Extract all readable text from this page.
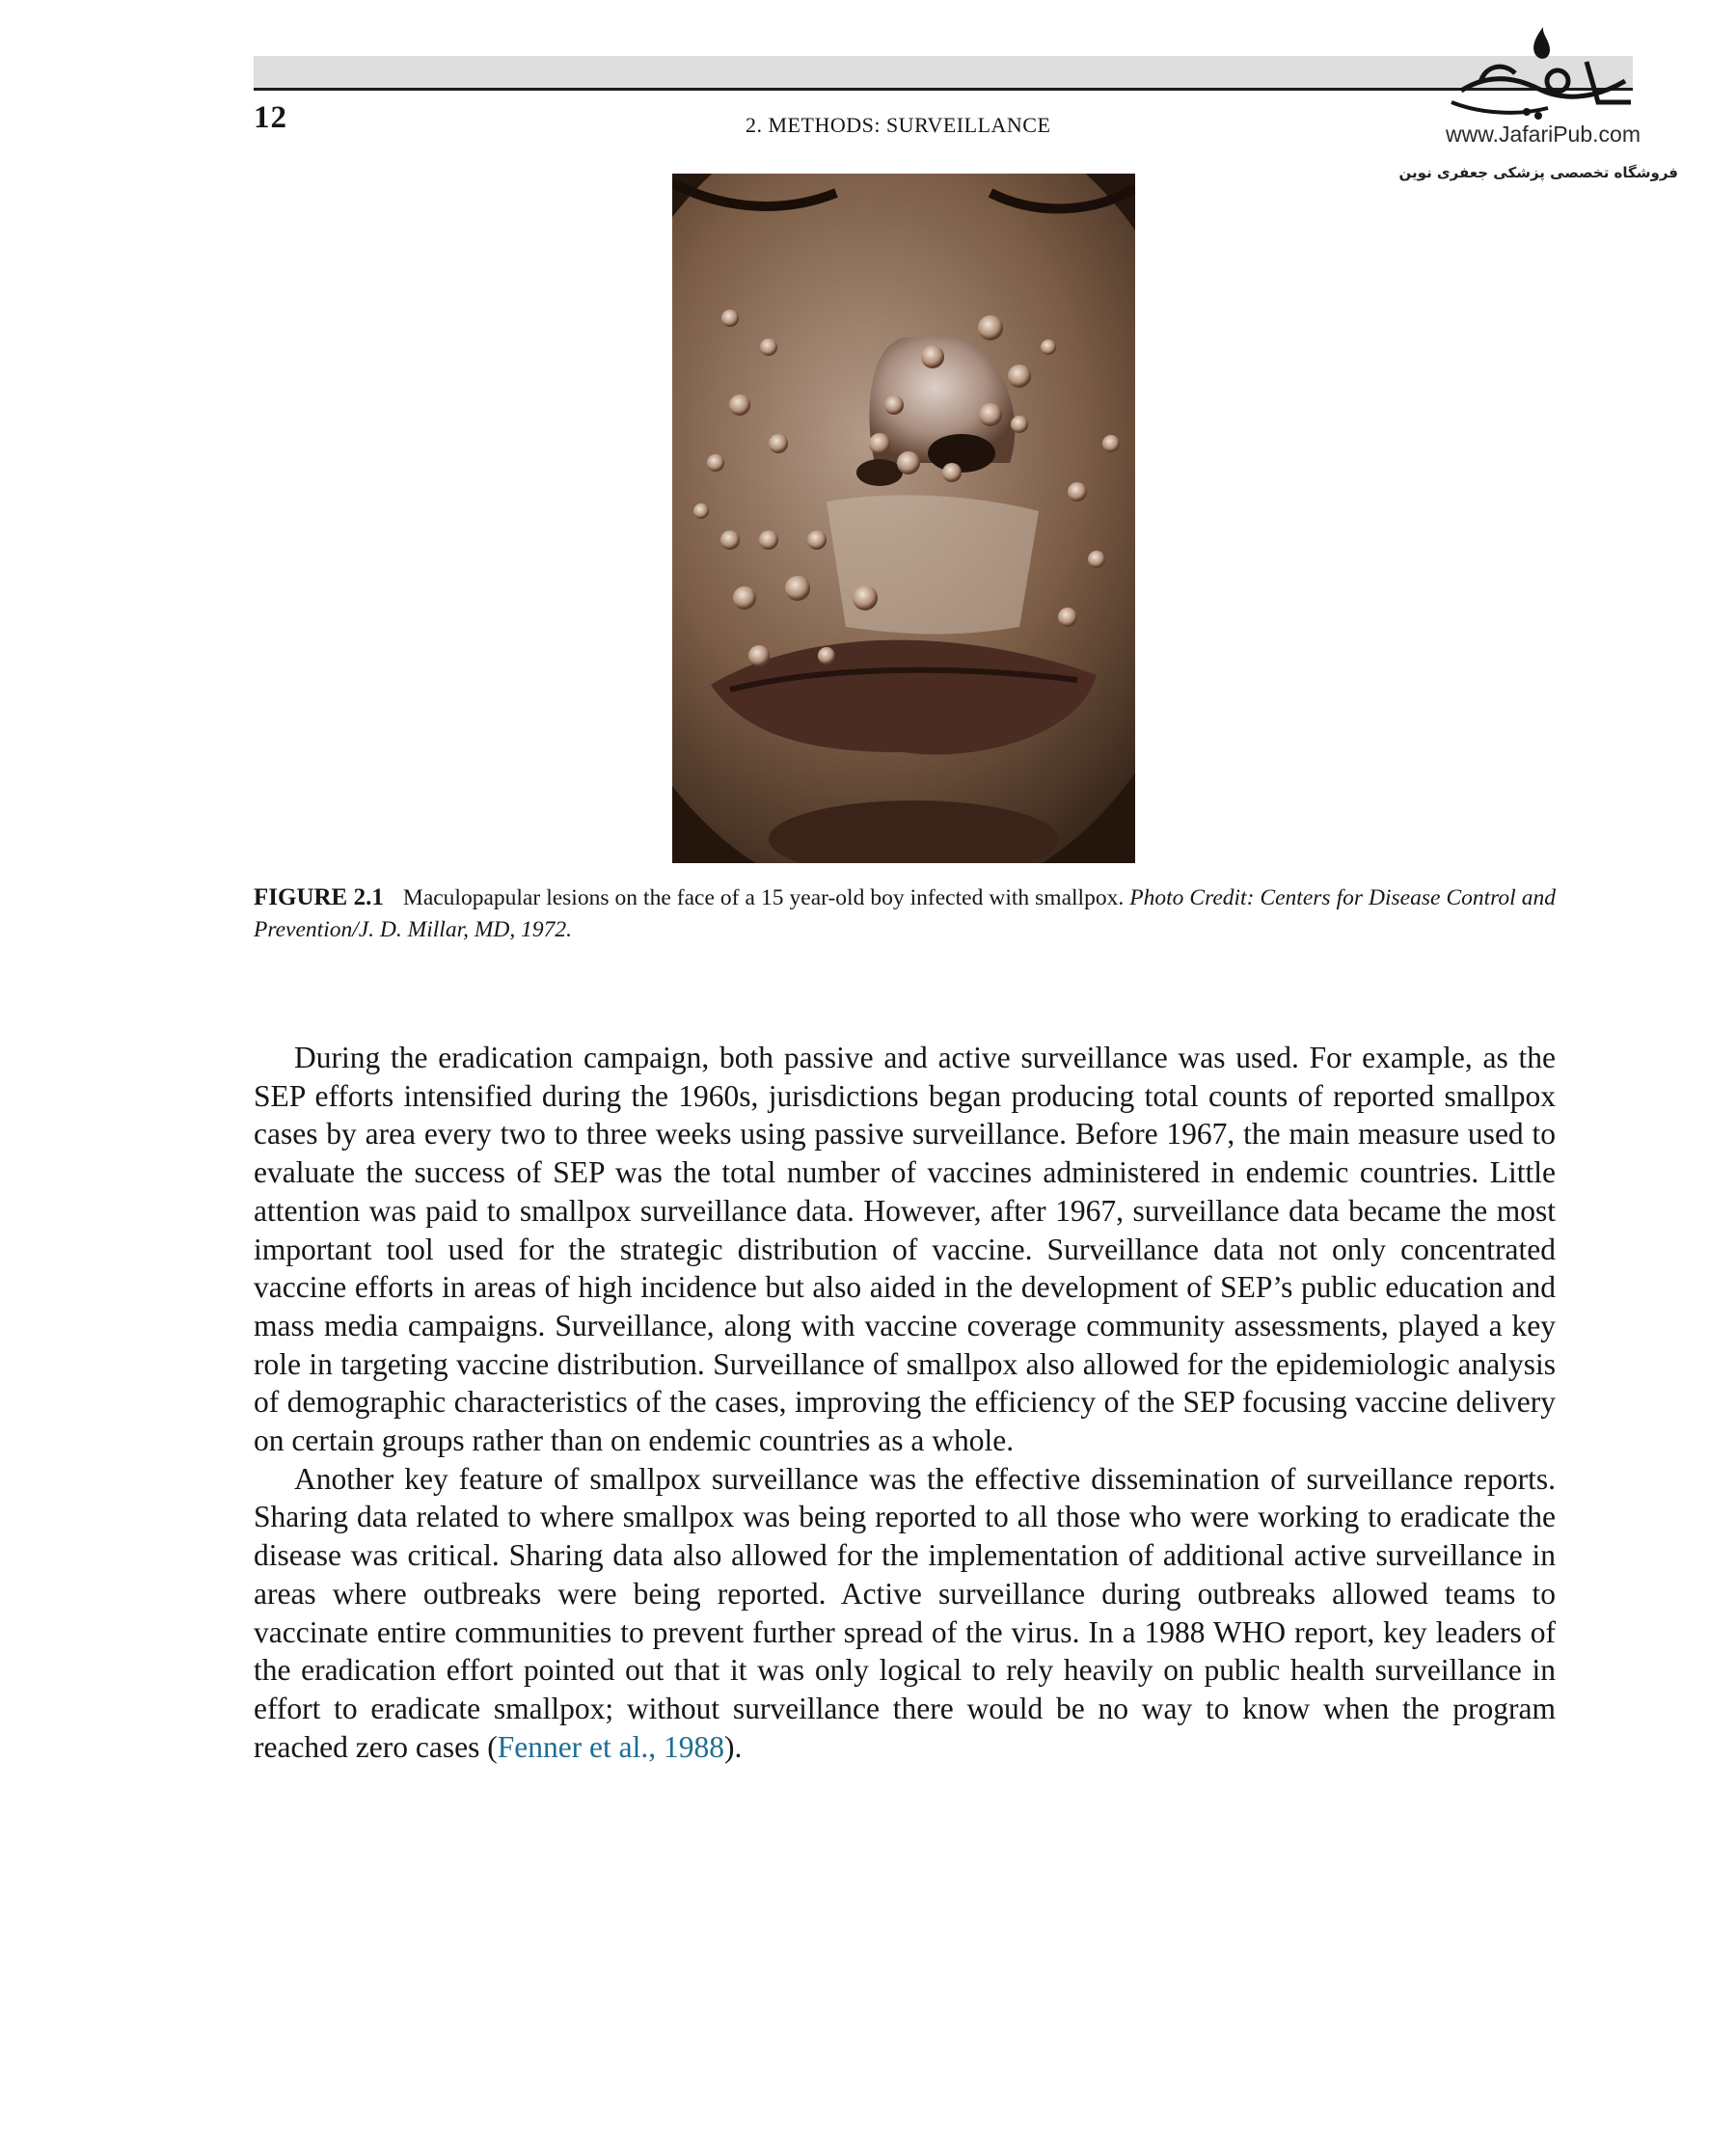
12	2. METHODS: SURVEILLANCE	www.JafariPub.com
فروشگاه تخصصی پزشکی جعفری نوین
FIGURE 2.1 Maculopapular lesions on the face of a 15 year-old boy infected with smallpox. Photo Credit: Centers for Disease Control and Prevention/J. D. Millar, MD, 1972.

During the eradication campaign, both passive and active surveillance was used. For example, as the SEP efforts intensified during the 1960s, jurisdictions began producing total counts of reported smallpox cases by area every two to three weeks using passive surveillance. Before 1967, the main measure used to evaluate the success of SEP was the total number of vaccines administered in endemic countries. Little attention was paid to smallpox surveillance data. However, after 1967, surveillance data became the most important tool used for the strategic distribution of vaccine. Surveillance data not only concentrated vaccine efforts in areas of high incidence but also aided in the development of SEP’s public education and mass media campaigns. Surveillance, along with vaccine coverage community assessments, played a key role in targeting vaccine distribution. Surveillance of smallpox also allowed for the epidemiologic analysis of demographic characteristics of the cases, improving the efficiency of the SEP focusing vaccine delivery on certain groups rather than on endemic countries as a whole.

Another key feature of smallpox surveillance was the effective dissemination of surveillance reports. Sharing data related to where smallpox was being reported to all those who were working to eradicate the disease was critical. Sharing data also allowed for the implementation of additional active surveillance in areas where outbreaks were being reported. Active surveillance during outbreaks allowed teams to vaccinate entire communities to prevent further spread of the virus. In a 1988 WHO report, key leaders of the eradication effort pointed out that it was only logical to rely heavily on public health surveillance in effort to eradicate smallpox; without surveillance there would be no way to know when the program reached zero cases (Fenner et al., 1988).
